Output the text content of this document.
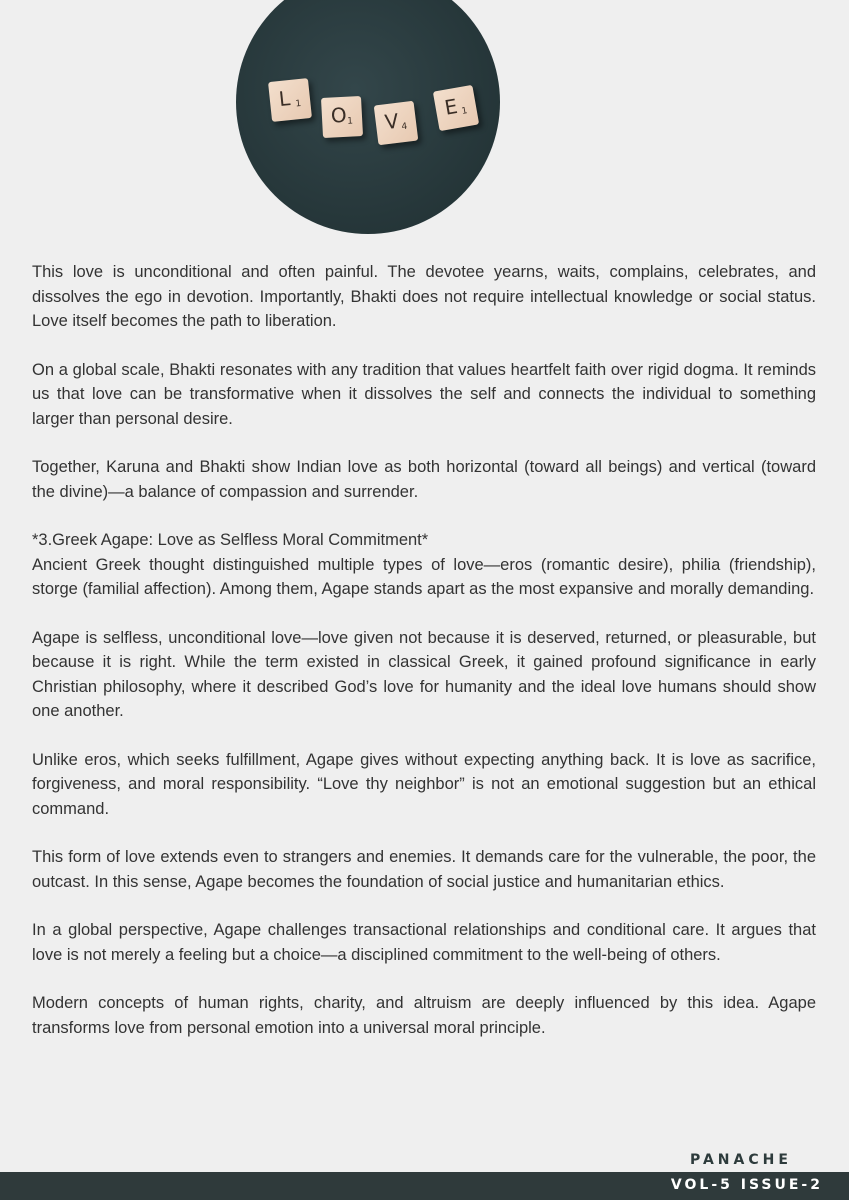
L 1 O 1 V 4
E 1

This love is unconditional and often painful. The devotee yearns, waits, complains, celebrates, and dissolves the ego in devotion. Importantly, Bhakti does not require intellectual knowledge or social status. Love itself becomes the path to liberation.

On a global scale, Bhakti resonates with any tradition that values heartfelt faith over rigid dogma. It reminds us that love can be transformative when it dissolves the self and connects the individual to something larger than personal desire.

Together, Karuna and Bhakti show Indian love as both horizontal (toward all beings) and vertical (toward the divine)—a balance of compassion and surrender.

*3.Greek Agape: Love as Selfless Moral Commitment*

Ancient Greek thought distinguished multiple types of love—eros (romantic desire), philia (friendship), storge (familial affection). Among them, Agape stands apart as the most expansive and morally demanding.

Agape is selfless, unconditional love—love given not because it is deserved, returned, or pleasurable, but because it is right. While the term existed in classical Greek, it gained profound significance in early Christian philosophy, where it described God’s love for humanity and the ideal love humans should show one another.

Unlike eros, which seeks fulfillment, Agape gives without expecting anything back. It is love as sacrifice, forgiveness, and moral responsibility. “Love thy neighbor” is not an emotional suggestion but an ethical command.

This form of love extends even to strangers and enemies. It demands care for the vulnerable, the poor, the outcast. In this sense, Agape becomes the foundation of social justice and humanitarian ethics.

In a global perspective, Agape challenges transactional relationships and conditional care. It argues that love is not merely a feeling but a choice—a disciplined commitment to the well-being of others.

Modern concepts of human rights, charity, and altruism are deeply influenced by this idea. Agape transforms love from personal emotion into a universal moral principle.

PANACHE
VOL-5 ISSUE-2
